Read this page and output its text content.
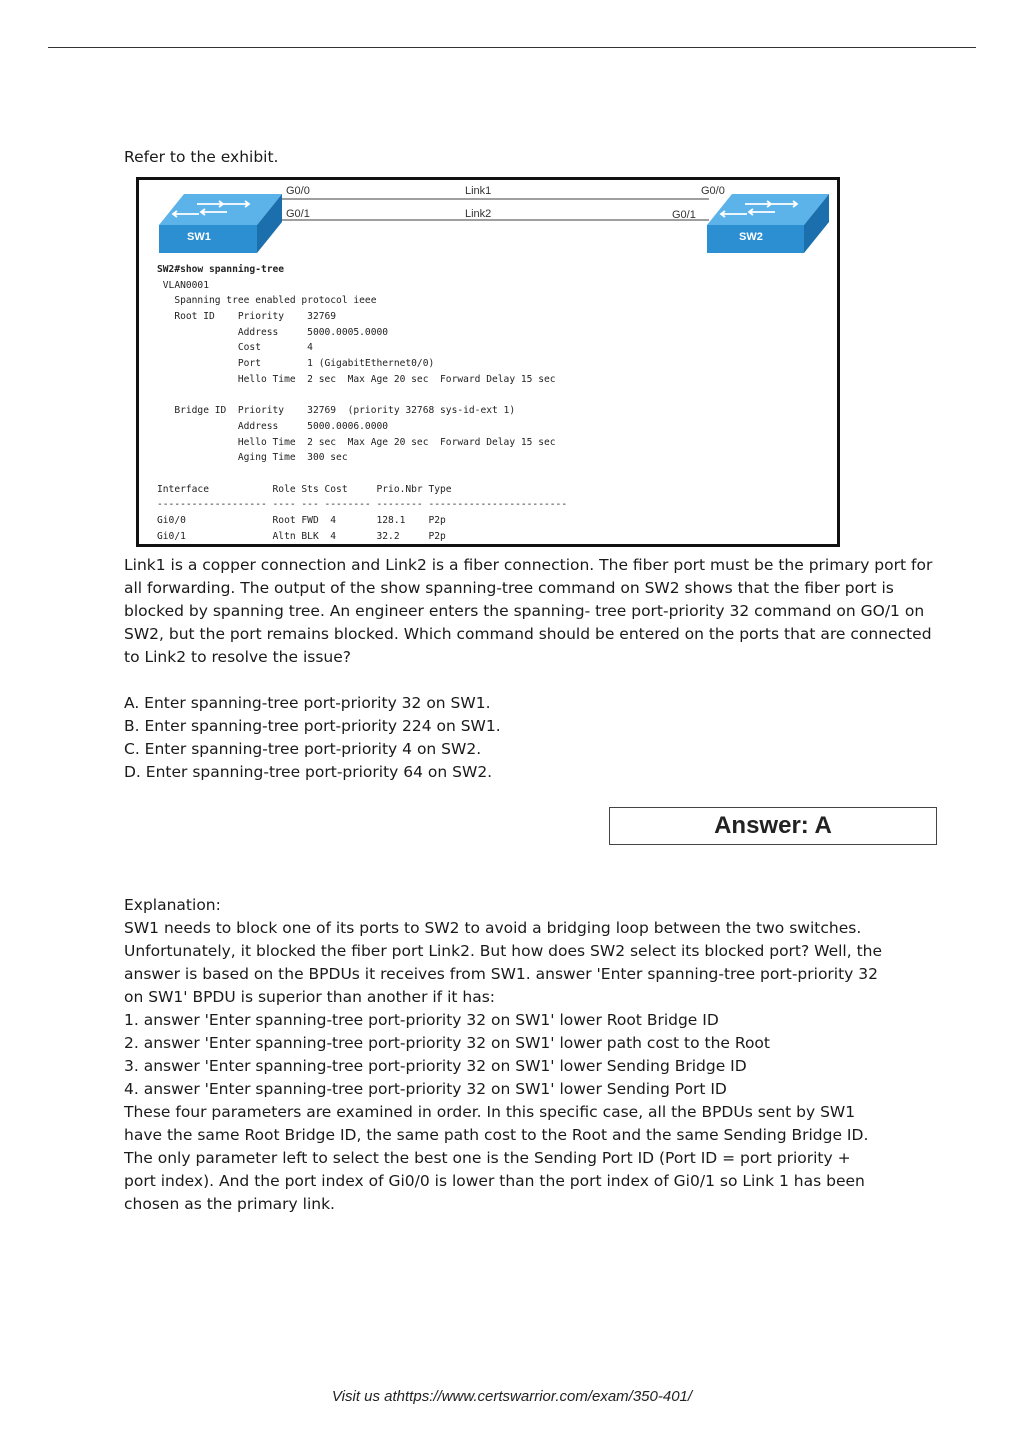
Refer to the exhibit.
SW1	SW2
G0/0	Link1	G0/0
G0/1	Link2	G0/1
SW2#show spanning-tree
VLAN0001
Spanning tree enabled protocol ieee
Root ID    Priority    32769
Address     5000.0005.0000
Cost        4
Port        1 (GigabitEthernet0/0)
Hello Time  2 sec  Max Age 20 sec  Forward Delay 15 sec
Bridge ID  Priority    32769  (priority 32768 sys-id-ext 1)
Address     5000.0006.0000
Hello Time  2 sec  Max Age 20 sec  Forward Delay 15 sec
Aging Time  300 sec
Interface           Role Sts Cost     Prio.Nbr Type
------------------- ---- --- -------- -------- ------------------------
Gi0/0               Root FWD  4       128.1    P2p
Gi0/1               Altn BLK  4       32.2     P2p
Link1 is a copper connection and Link2 is a fiber connection. The fiber port must be the primary port for
all forwarding. The output of the show spanning-tree command on SW2 shows that the fiber port is
blocked by spanning tree. An engineer enters the spanning- tree port-priority 32 command on GO/1 on
SW2, but the port remains blocked. Which command should be entered on the ports that are connected
to Link2 to resolve the issue?
A. Enter spanning-tree port-priority 32 on SW1.
B. Enter spanning-tree port-priority 224 on SW1.
C. Enter spanning-tree port-priority 4 on SW2.
D. Enter spanning-tree port-priority 64 on SW2.
Answer: A
Explanation:
SW1 needs to block one of its ports to SW2 to avoid a bridging loop between the two switches.
Unfortunately, it blocked the fiber port Link2. But how does SW2 select its blocked port? Well, the
answer is based on the BPDUs it receives from SW1. answer 'Enter spanning-tree port-priority 32
on SW1' BPDU is superior than another if it has:
1. answer 'Enter spanning-tree port-priority 32 on SW1' lower Root Bridge ID
2. answer 'Enter spanning-tree port-priority 32 on SW1' lower path cost to the Root
3. answer 'Enter spanning-tree port-priority 32 on SW1' lower Sending Bridge ID
4. answer 'Enter spanning-tree port-priority 32 on SW1' lower Sending Port ID
These four parameters are examined in order. In this specific case, all the BPDUs sent by SW1
have the same Root Bridge ID, the same path cost to the Root and the same Sending Bridge ID.
The only parameter left to select the best one is the Sending Port ID (Port ID = port priority +
port index). And the port index of Gi0/0 is lower than the port index of Gi0/1 so Link 1 has been
chosen as the primary link.
Visit us athttps://www.certswarrior.com/exam/350-401/
